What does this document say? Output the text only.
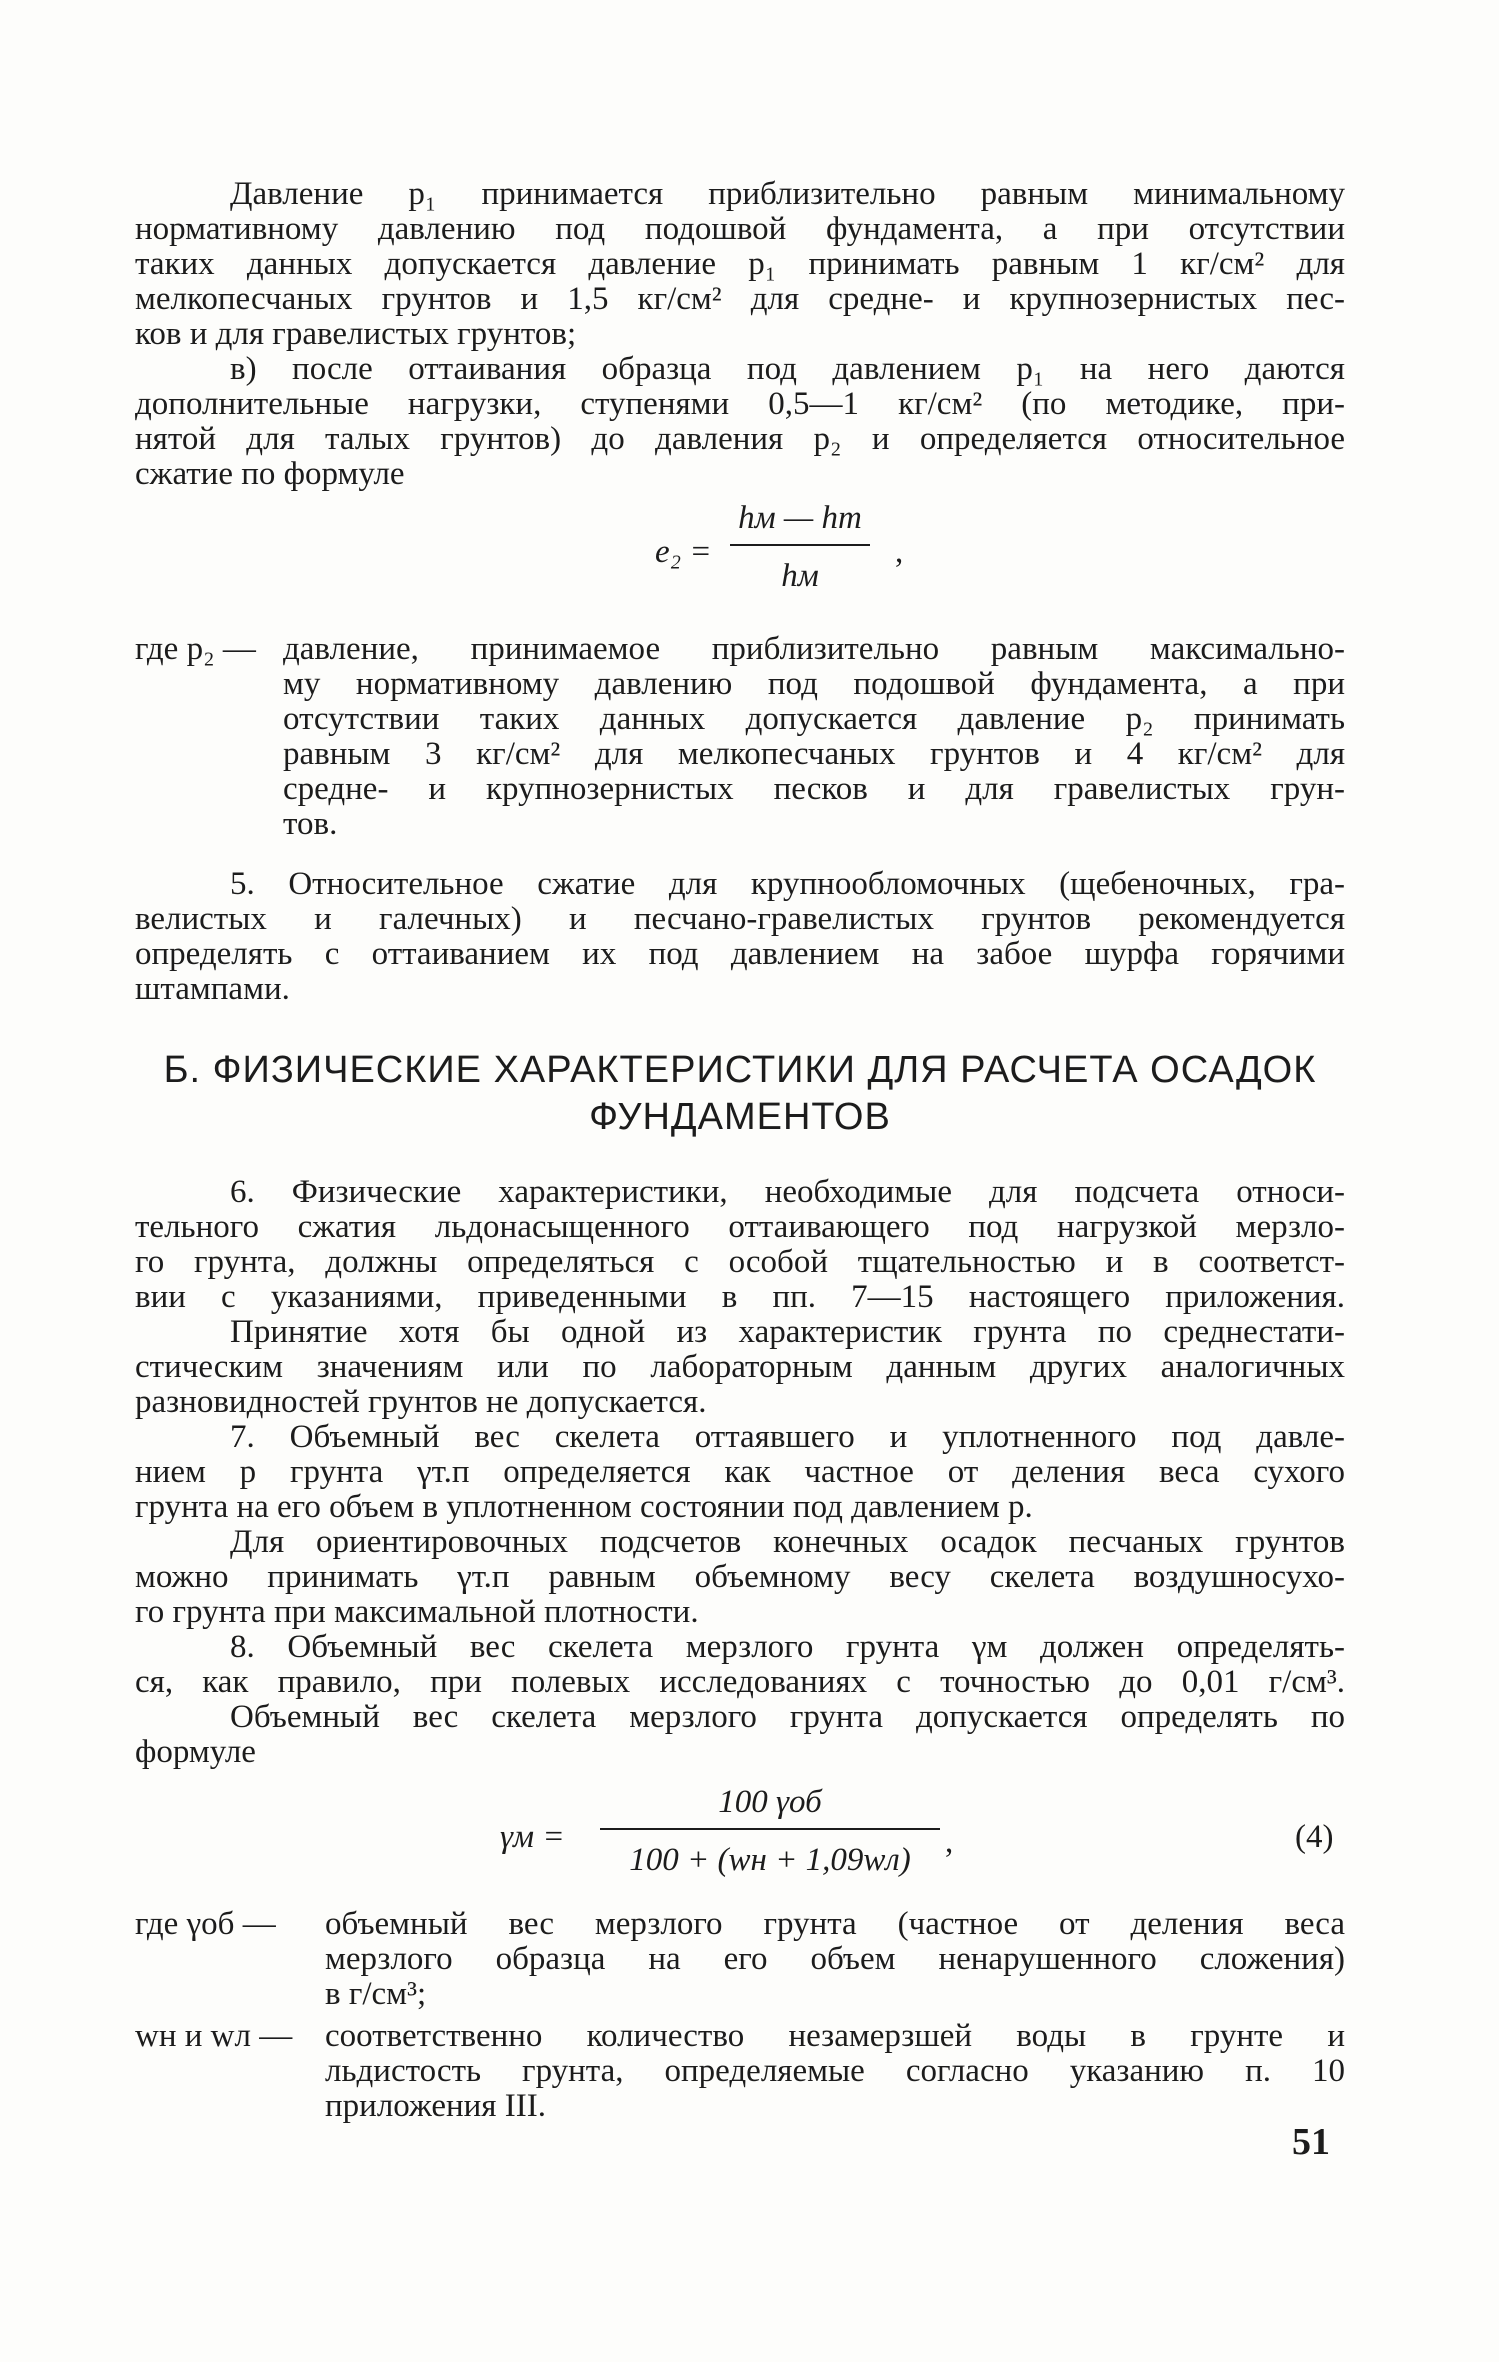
Давление p₁ принимается приблизительно равным минимальному
нормативному давлению под подошвой фундамента, а при отсутствии
таких данных допускается давление p₁ принимать равным 1 кг/см² для
мелкопесчаных грунтов и 1,5 кг/см² для средне- и крупнозернистых пес-
ков и для гравелистых грунтов;
в) после оттаивания образца под давлением p₁ на него даются
дополнительные нагрузки, ступенями 0,5—1 кг/см² (по методике, при-
нятой для талых грунтов) до давления p₂ и определяется относительное
сжатие по формуле
e₂ =
hм — hт
hм
,
где p₂ — давление, принимаемое приблизительно равным максимально-
му нормативному давлению под подошвой фундамента, а при
отсутствии таких данных допускается давление p₂ принимать
равным 3 кг/см² для мелкопесчаных грунтов и 4 кг/см² для
средне- и крупнозернистых песков и для гравелистых грун-
тов.
5. Относительное сжатие для крупнообломочных (щебеночных, гра-
велистых и галечных) и песчано-гравелистых грунтов рекомендуется
определять с оттаиванием их под давлением на забое шурфа горячими
штампами.
Б. ФИЗИЧЕСКИЕ ХАРАКТЕРИСТИКИ ДЛЯ РАСЧЕТА ОСАДОК
ФУНДАМЕНТОВ
6. Физические характеристики, необходимые для подсчета относи-
тельного сжатия льдонасыщенного оттаивающего под нагрузкой мерзло-
го грунта, должны определяться с особой тщательностью и в соответст-
вии с указаниями, приведенными в пп. 7—15 настоящего приложения.
Принятие хотя бы одной из характеристик грунта по среднестати-
стическим значениям или по лабораторным данным других аналогичных
разновидностей грунтов не допускается.
7. Объемный вес скелета оттаявшего и уплотненного под давле-
нием p грунта γт.п определяется как частное от деления веса сухого
грунта на его объем в уплотненном состоянии под давлением p.
Для ориентировочных подсчетов конечных осадок песчаных грунтов
можно принимать γт.п равным объемному весу скелета воздушносухо-
го грунта при максимальной плотности.
8. Объемный вес скелета мерзлого грунта γм должен определять-
ся, как правило, при полевых исследованиях с точностью до 0,01 г/см³.
Объемный вес скелета мерзлого грунта допускается определять по
формуле
γм =
100 γоб
100 + (wн + 1,09wл)	,	(4)
где γоб — объемный вес мерзлого грунта (частное от деления веса
мерзлого образца на его объем ненарушенного сложения)
в г/см³;
wн и wл — соответственно количество незамерзшей воды в грунте и
льдистость грунта, определяемые согласно указанию п. 10
приложения III.
51
